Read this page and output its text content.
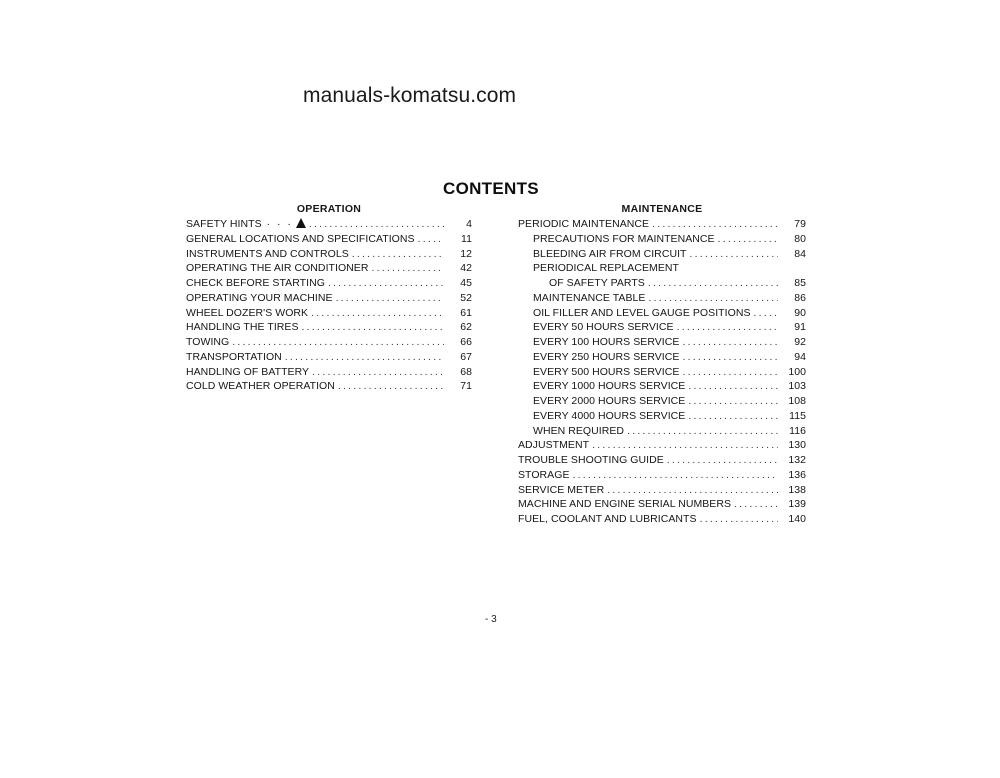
manuals-komatsu.com
CONTENTS
OPERATION
SAFETY HINTS · · · .....	4
GENERAL LOCATIONS AND SPECIFICATIONS .....	11
INSTRUMENTS AND CONTROLS .....	12
OPERATING THE AIR CONDITIONER .....	42
CHECK BEFORE STARTING .....	45
OPERATING YOUR MACHINE .....	52
WHEEL DOZER'S WORK .....	61
HANDLING THE TIRES .....	62
TOWING .....	66
TRANSPORTATION .....	67
HANDLING OF BATTERY .....	68
COLD WEATHER OPERATION .....	71
MAINTENANCE
PERIODIC MAINTENANCE .....	79
PRECAUTIONS FOR MAINTENANCE .....	80
BLEEDING AIR FROM CIRCUIT .....	84
PERIODICAL REPLACEMENT
OF SAFETY PARTS .....	85
MAINTENANCE TABLE .....	86
OIL FILLER AND LEVEL GAUGE POSITIONS .....	90
EVERY 50 HOURS SERVICE .....	91
EVERY 100 HOURS SERVICE .....	92
EVERY 250 HOURS SERVICE .....	94
EVERY 500 HOURS SERVICE .....	100
EVERY 1000 HOURS SERVICE .....	103
EVERY 2000 HOURS SERVICE .....	108
EVERY 4000 HOURS SERVICE .....	115
WHEN REQUIRED .....	116
ADJUSTMENT .....	130
TROUBLE SHOOTING GUIDE .....	132
STORAGE .....	136
SERVICE METER .....	138
MACHINE AND ENGINE SERIAL NUMBERS .....	139
FUEL, COOLANT AND LUBRICANTS .....	140
- 3
